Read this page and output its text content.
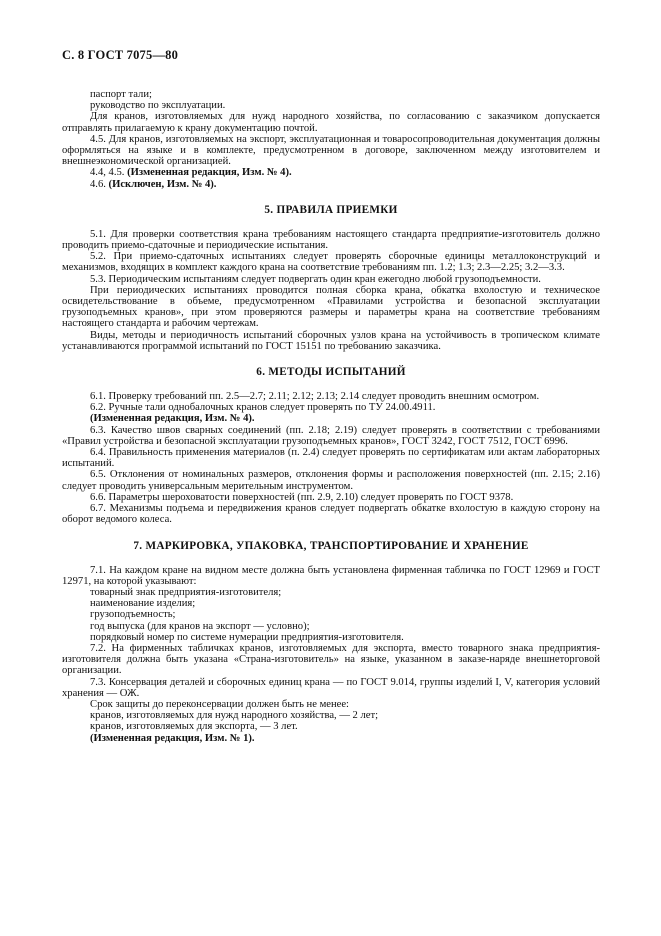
С. 8 ГОСТ 7075—80

паспорт тали;

руководство по эксплуатации.

Для кранов, изготовляемых для нужд народного хозяйства, по согласованию с заказчиком допускается отправлять прилагаемую к крану документацию почтой.

4.5. Для кранов, изготовляемых на экспорт, эксплуатационная и товаросопроводительная документация должны оформляться на языке и в комплекте, предусмотренном в договоре, заключенном между изготовителем и внешнеэкономической организацией.

4.4, 4.5. (Измененная редакция, Изм. № 4).

4.6. (Исключен, Изм. № 4).

5. ПРАВИЛА ПРИЕМКИ

5.1. Для проверки соответствия крана требованиям настоящего стандарта предприятие-изготовитель должно проводить приемо-сдаточные и периодические испытания.

5.2. При приемо-сдаточных испытаниях следует проверять сборочные единицы металлоконструкций и механизмов, входящих в комплект каждого крана на соответствие требованиям пп. 1.2; 1.3; 2.3—2.25; 3.2—3.3.

5.3. Периодическим испытаниям следует подвергать один кран ежегодно любой грузоподъемности.

При периодических испытаниях проводится полная сборка крана, обкатка вхолостую и техническое освидетельствование в объеме, предусмотренном «Правилами устройства и безопасной эксплуатации грузоподъемных кранов», при этом проверяются размеры и параметры крана на соответствие требованиям настоящего стандарта и рабочим чертежам.

Виды, методы и периодичность испытаний сборочных узлов крана на устойчивость в тропическом климате устанавливаются программой испытаний по ГОСТ 15151 по требованию заказчика.

6. МЕТОДЫ ИСПЫТАНИЙ

6.1. Проверку требований пп. 2.5—2.7; 2.11; 2.12; 2.13; 2.14 следует проводить внешним осмотром.

6.2. Ручные тали однобалочных кранов следует проверять по ТУ 24.00.4911.

(Измененная редакция, Изм. № 4).

6.3. Качество швов сварных соединений (пп. 2.18; 2.19) следует проверять в соответствии с требованиями «Правил устройства и безопасной эксплуатации грузоподъемных кранов», ГОСТ 3242, ГОСТ 7512, ГОСТ 6996.

6.4. Правильность применения материалов (п. 2.4) следует проверять по сертификатам или актам лабораторных испытаний.

6.5. Отклонения от номинальных размеров, отклонения формы и расположения поверхностей (пп. 2.15; 2.16) следует проводить универсальным мерительным инструментом.

6.6. Параметры шероховатости поверхностей (пп. 2.9, 2.10) следует проверять по ГОСТ 9378.

6.7. Механизмы подъема и передвижения кранов следует подвергать обкатке вхолостую в каждую сторону на оборот ведомого колеса.

7. МАРКИРОВКА, УПАКОВКА, ТРАНСПОРТИРОВАНИЕ И ХРАНЕНИЕ

7.1. На каждом кране на видном месте должна быть установлена фирменная табличка по ГОСТ 12969 и ГОСТ 12971, на которой указывают:

товарный знак предприятия-изготовителя;

наименование изделия;

грузоподъемность;

год выпуска (для кранов на экспорт — условно);

порядковый номер по системе нумерации предприятия-изготовителя.

7.2. На фирменных табличках кранов, изготовляемых для экспорта, вместо товарного знака предприятия-изготовителя должна быть указана «Страна-изготовитель» на языке, указанном в заказе-наряде внешнеторговой организации.

7.3. Консервация деталей и сборочных единиц крана — по ГОСТ 9.014, группы изделий I, V, категория условий хранения — ОЖ.

Срок защиты до переконсервации должен быть не менее:

кранов, изготовляемых для нужд народного хозяйства, — 2 лет;

кранов, изготовляемых для экспорта, — 3 лет.

(Измененная редакция, Изм. № 1).
